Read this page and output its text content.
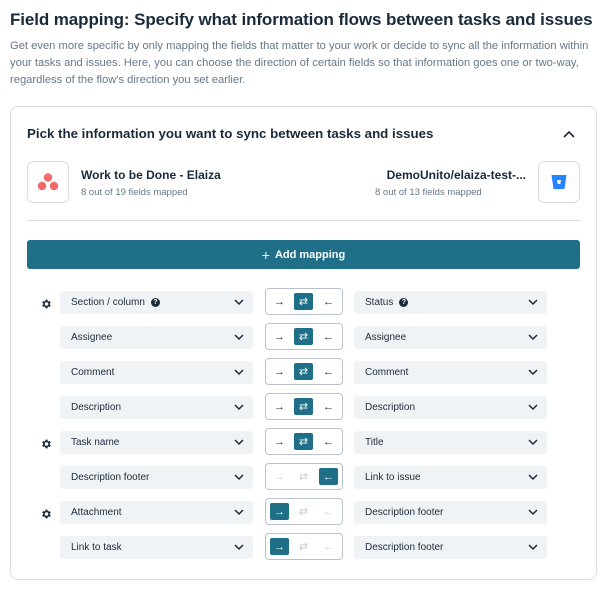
Field mapping: Specify what information flows between tasks and issues
Get even more specific by only mapping the fields that matter to your work or decide to sync all the information within your tasks and issues. Here, you can choose the direction of certain fields so that information goes one or two-way, regardless of the flow's direction you set earlier.
Pick the information you want to sync between tasks and issues
Work to be Done - Elaiza
8 out of 19 fields mapped
DemoUnito/elaiza-test-...
8 out of 13 fields mapped
+ Add mapping
Section / column	?	→	⇄	←	Status	?
Assignee	→	⇄	←	Assignee
Comment	→	⇄	←	Comment
Description	→	⇄	←	Description
Task name	→	⇄	←	Title
Description footer	→	⇄	←	Link to issue
Attachment	→	⇄	←	Description footer
Link to task	→	⇄	←	Description footer
